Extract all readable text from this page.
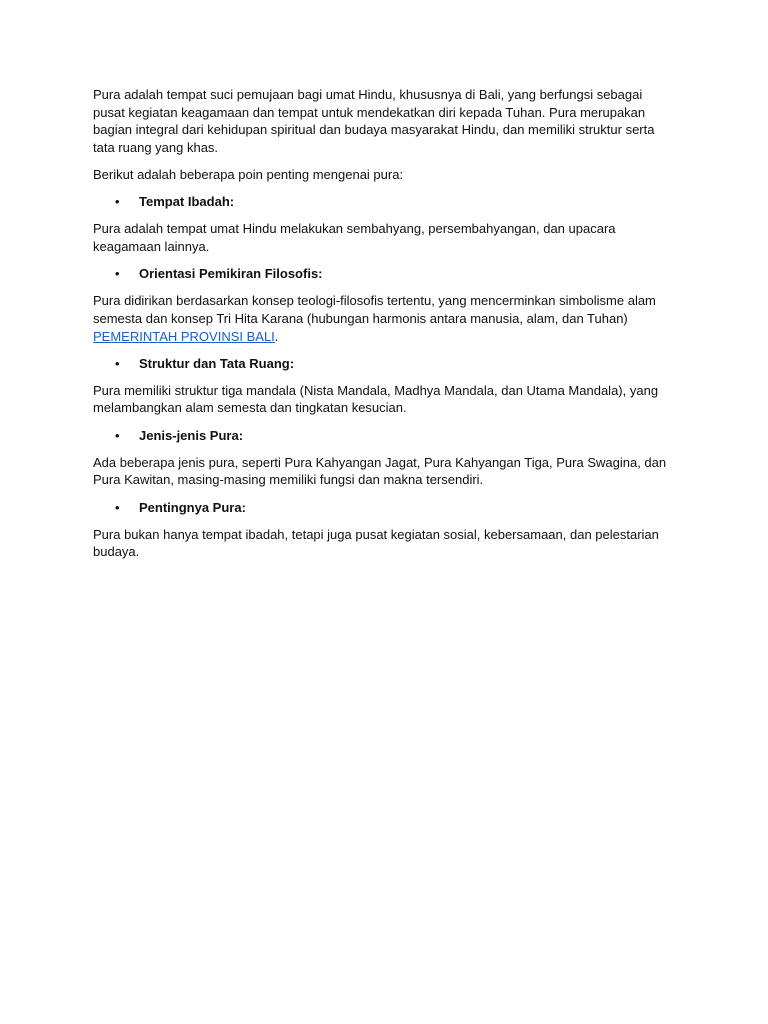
Pura adalah tempat suci pemujaan bagi umat Hindu, khususnya di Bali, yang berfungsi sebagai pusat kegiatan keagamaan dan tempat untuk mendekatkan diri kepada Tuhan. Pura merupakan bagian integral dari kehidupan spiritual dan budaya masyarakat Hindu, dan memiliki struktur serta tata ruang yang khas.

Berikut adalah beberapa poin penting mengenai pura:

• Tempat Ibadah:

Pura adalah tempat umat Hindu melakukan sembahyang, persembahyangan, dan upacara keagamaan lainnya.

• Orientasi Pemikiran Filosofis:

Pura didirikan berdasarkan konsep teologi-filosofis tertentu, yang mencerminkan simbolisme alam semesta dan konsep Tri Hita Karana (hubungan harmonis antara manusia, alam, dan Tuhan) PEMERINTAH PROVINSI BALI.

• Struktur dan Tata Ruang:

Pura memiliki struktur tiga mandala (Nista Mandala, Madhya Mandala, dan Utama Mandala), yang melambangkan alam semesta dan tingkatan kesucian.

• Jenis-jenis Pura:

Ada beberapa jenis pura, seperti Pura Kahyangan Jagat, Pura Kahyangan Tiga, Pura Swagina, dan Pura Kawitan, masing-masing memiliki fungsi dan makna tersendiri.

• Pentingnya Pura:

Pura bukan hanya tempat ibadah, tetapi juga pusat kegiatan sosial, kebersamaan, dan pelestarian budaya.
